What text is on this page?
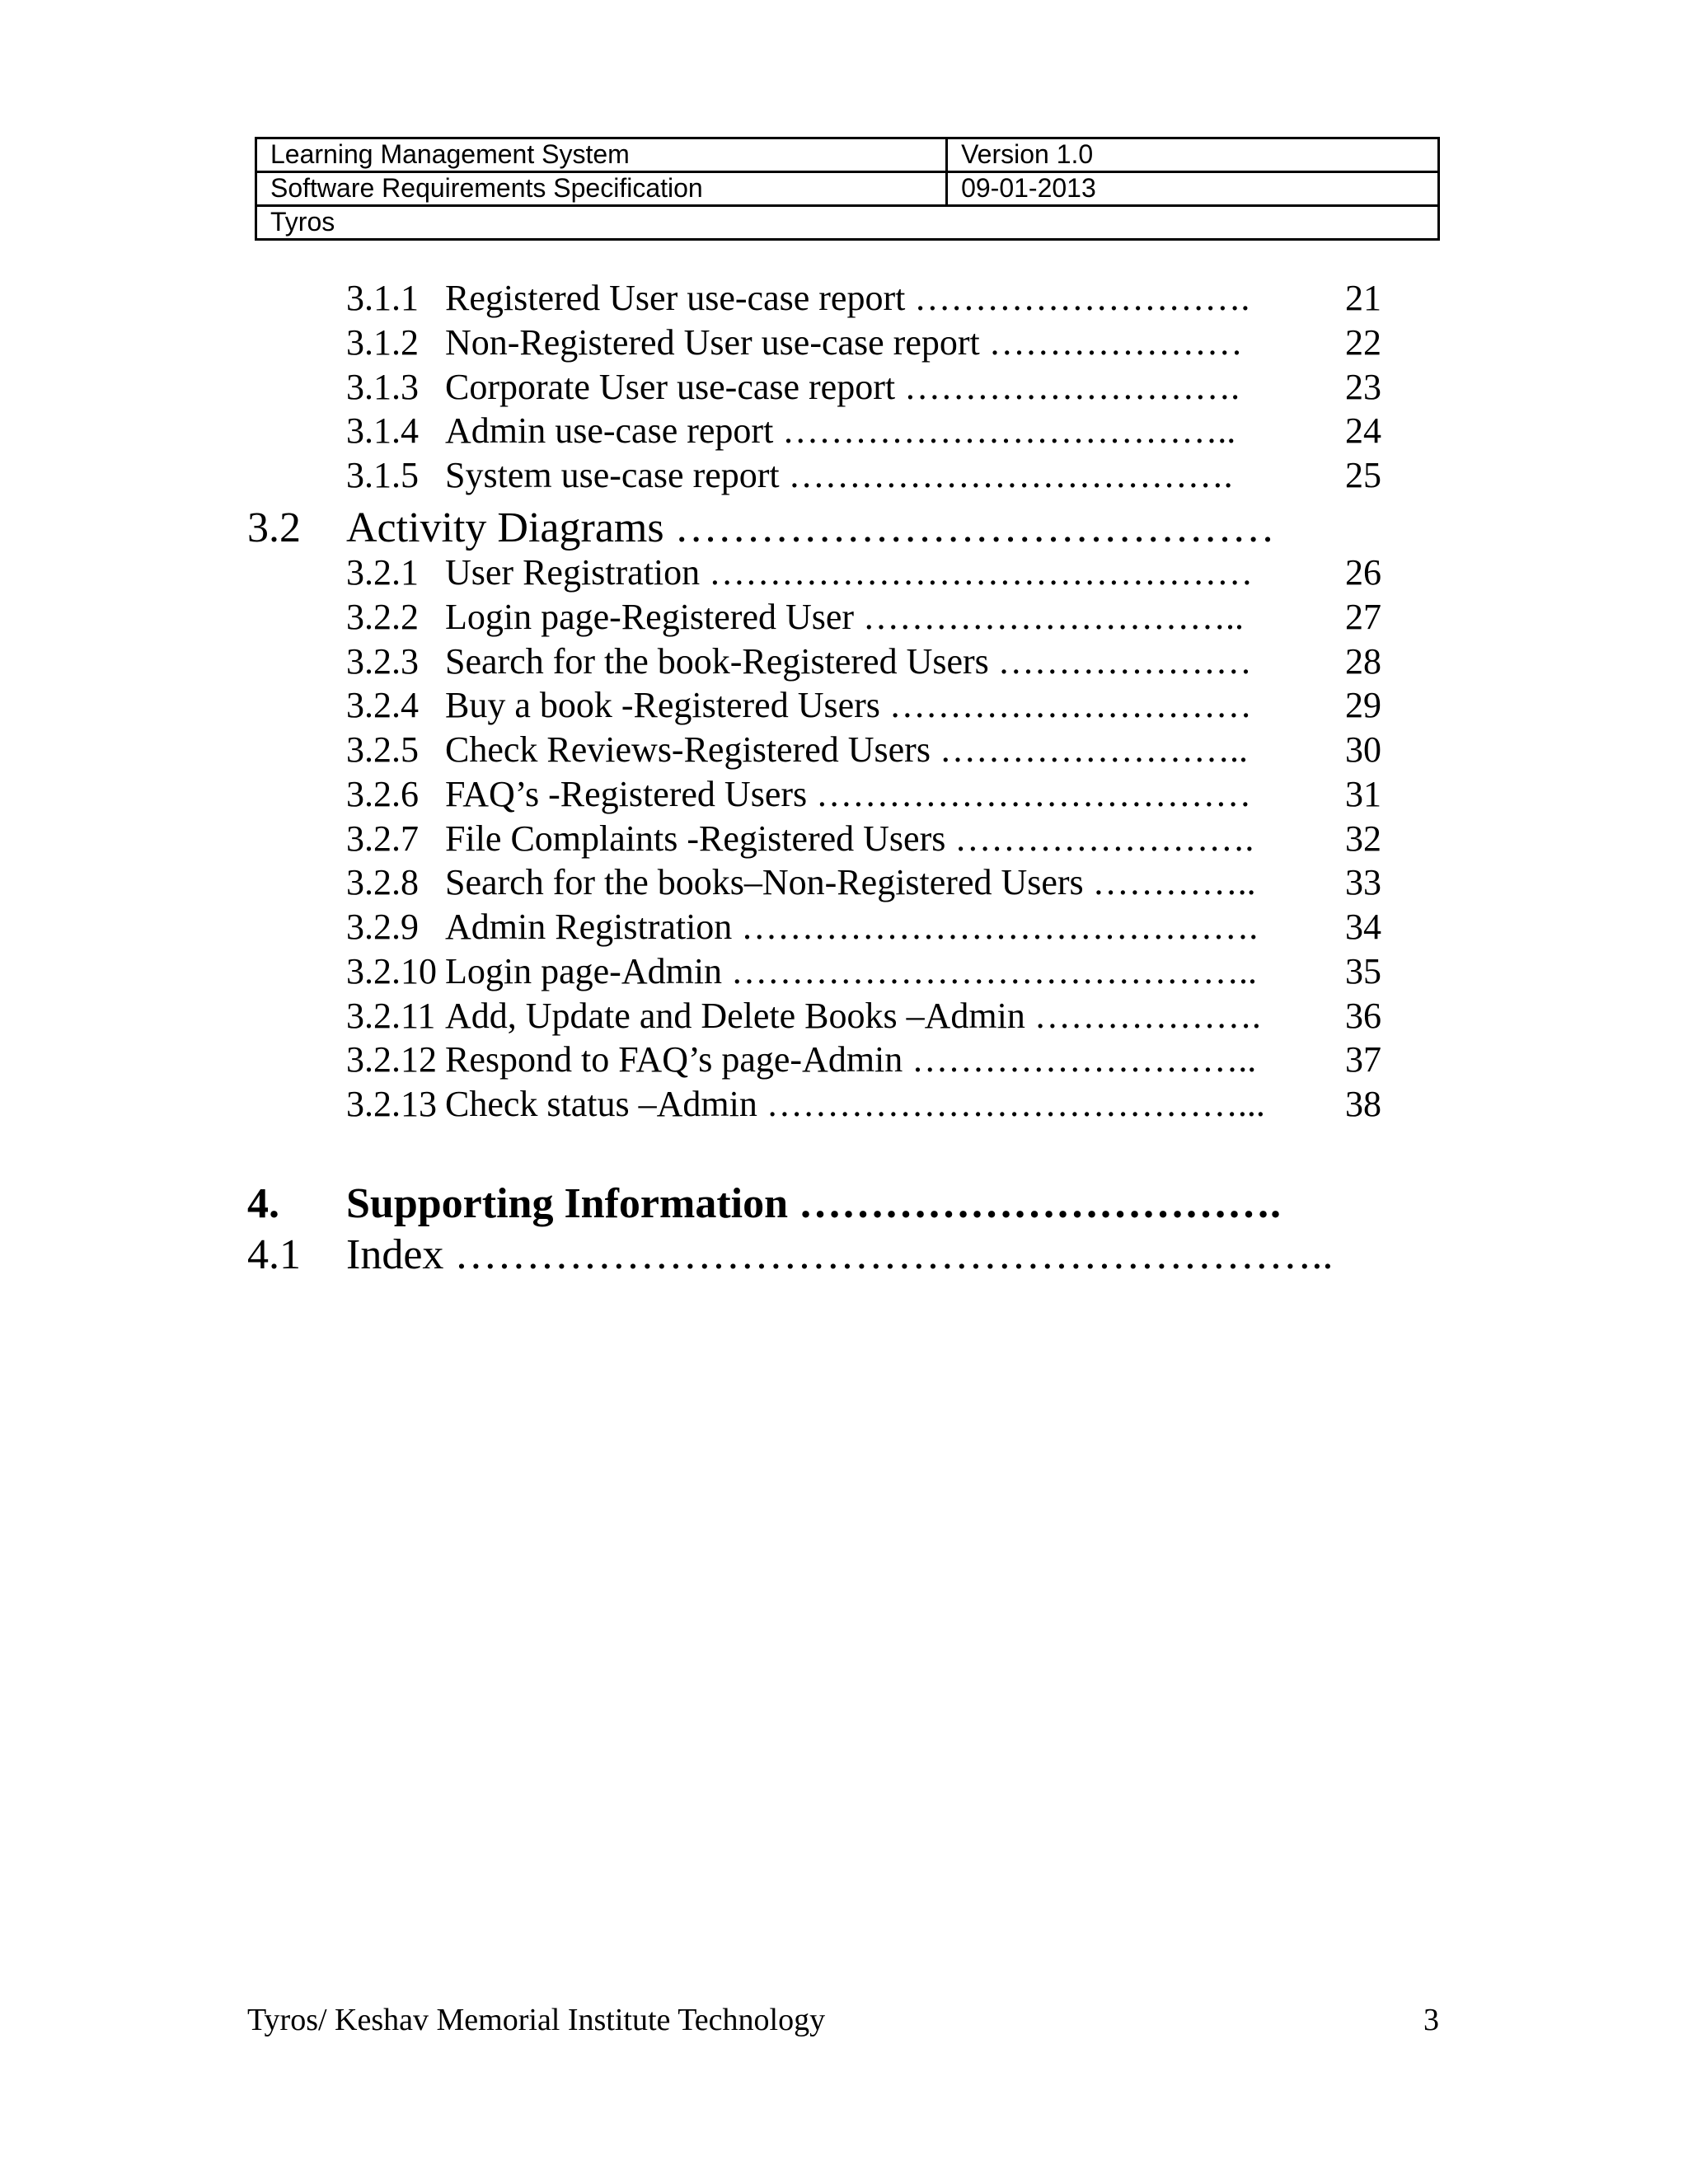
Learning Management System	Version 1.0
Software Requirements Specification	09-01-2013
Tyros	
3.1.1 Registered User use-case report ……………………….	21
3.1.2 Non-Registered User use-case report …………………	22
3.1.3 Corporate User use-case report ……………………….	23
3.1.4 Admin use-case report ………………………………..	24
3.1.5 System use-case report ……………………………….	25
3.2 Activity Diagrams ……………………………………
3.2.1 User Registration ………………………………………	26
3.2.2 Login page-Registered User …………………………..	27
3.2.3 Search for the book-Registered Users …………………	28
3.2.4 Buy a book -Registered Users …………………………	29
3.2.5 Check Reviews-Registered Users ……………………..	30
3.2.6 FAQ’s -Registered Users ………………………………	31
3.2.7 File Complaints -Registered Users …………………….	32
3.2.8 Search for the books–Non-Registered Users …………..	33
3.2.9 Admin Registration …………………………………….	34
3.2.10 Login page-Admin ……………………………………..	35
3.2.11 Add, Update and Delete Books –Admin ……………….	36
3.2.12 Respond to FAQ’s page-Admin ………………………..	37
3.2.13 Check status –Admin …………………………………...	38
4. Supporting Information …………………………….
4.1 Index ……………………………………………………..
Tyros/ Keshav Memorial Institute Technology	3
